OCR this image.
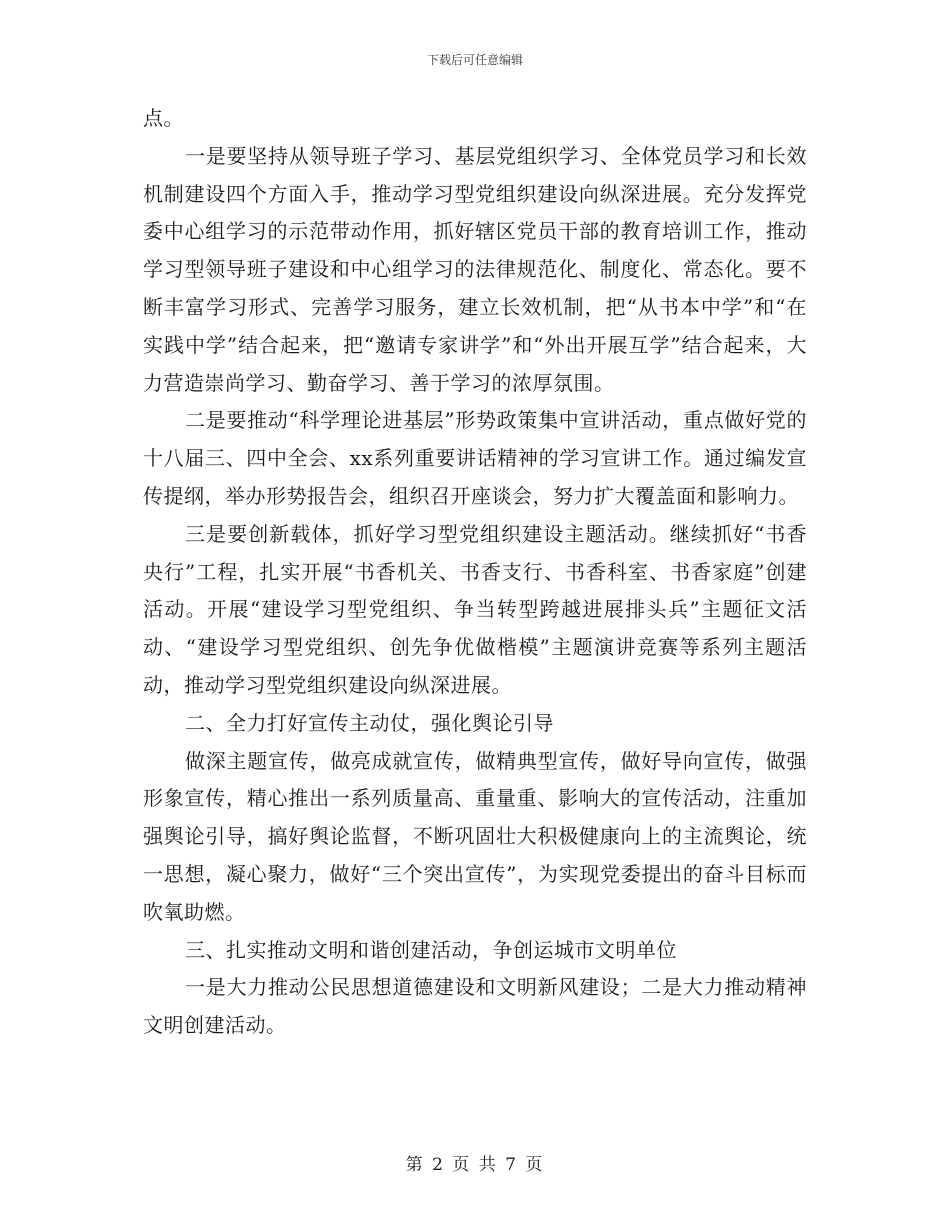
下载后可任意编辑

点。

一是要坚持从领导班子学习、基层党组织学习、全体党员学习和长效机制建设四个方面入手，推动学习型党组织建设向纵深进展。充分发挥党委中心组学习的示范带动作用，抓好辖区党员干部的教育培训工作，推动学习型领导班子建设和中心组学习的法律规范化、制度化、常态化。要不断丰富学习形式、完善学习服务，建立长效机制，把“从书本中学”和“在实践中学”结合起来，把“邀请专家讲学”和“外出开展互学”结合起来，大力营造崇尚学习、勤奋学习、善于学习的浓厚氛围。

二是要推动“科学理论进基层”形势政策集中宣讲活动，重点做好党的十八届三、四中全会、xx系列重要讲话精神的学习宣讲工作。通过编发宣传提纲，举办形势报告会，组织召开座谈会，努力扩大覆盖面和影响力。

三是要创新载体，抓好学习型党组织建设主题活动。继续抓好“书香央行”工程，扎实开展“书香机关、书香支行、书香科室、书香家庭”创建活动。开展“建设学习型党组织、争当转型跨越进展排头兵”主题征文活动、“建设学习型党组织、创先争优做楷模”主题演讲竞赛等系列主题活动，推动学习型党组织建设向纵深进展。

二、全力打好宣传主动仗，强化舆论引导

做深主题宣传，做亮成就宣传，做精典型宣传，做好导向宣传，做强形象宣传，精心推出一系列质量高、重量重、影响大的宣传活动，注重加强舆论引导，搞好舆论监督，不断巩固壮大积极健康向上的主流舆论，统一思想，凝心聚力，做好“三个突出宣传”，为实现党委提出的奋斗目标而吹氧助燃。

三、扎实推动文明和谐创建活动，争创运城市文明单位

一是大力推动公民思想道德建设和文明新风建设；二是大力推动精神文明创建活动。

第 2 页 共 7 页
